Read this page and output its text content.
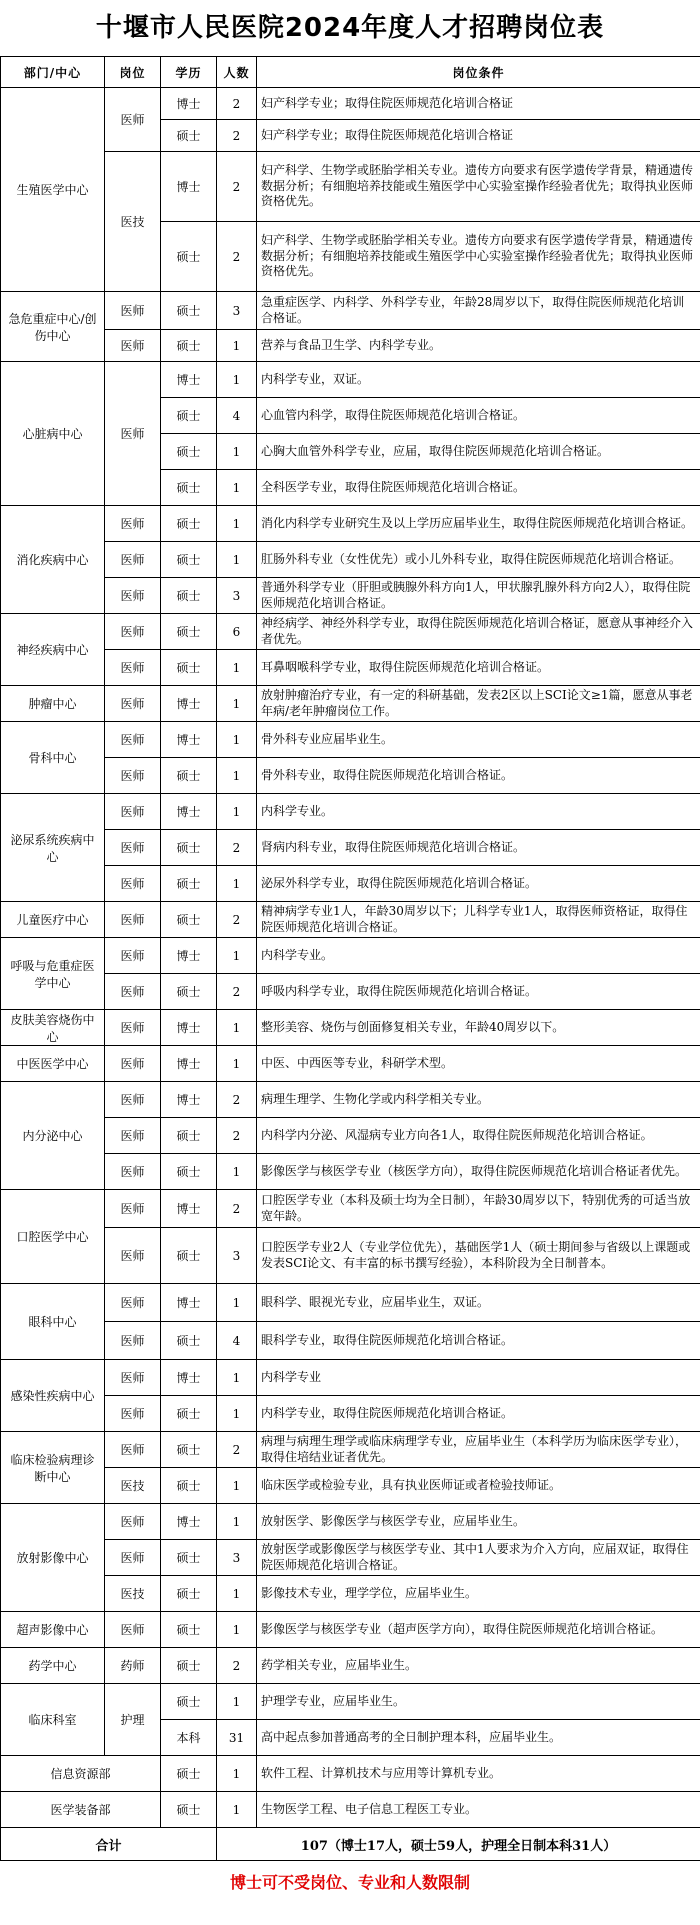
十堰市人民医院2024年度人才招聘岗位表
部门/中心	岗位	学历	人数	岗位条件
生殖医学中心	医师	博士	2	妇产科学专业；取得住院医师规范化培训合格证
		硕士	2	妇产科学专业；取得住院医师规范化培训合格证
	医技	博士	2	妇产科学、生物学或胚胎学相关专业。遗传方向要求有医学遗传学背景，精通遗传数据分析；有细胞培养技能或生殖医学中心实验室操作经验者优先；取得执业医师资格优先。
		硕士	2	妇产科学、生物学或胚胎学相关专业。遗传方向要求有医学遗传学背景，精通遗传数据分析；有细胞培养技能或生殖医学中心实验室操作经验者优先；取得执业医师资格优先。
急危重症中心/创伤中心	医师	硕士	3	急重症医学、内科学、外科学专业，年龄28周岁以下，取得住院医师规范化培训合格证。
	医师	硕士	1	营养与食品卫生学、内科学专业。
心脏病中心	医师	博士	1	内科学专业，双证。
		硕士	4	心血管内科学，取得住院医师规范化培训合格证。
		硕士	1	心胸大血管外科学专业，应届，取得住院医师规范化培训合格证。
		硕士	1	全科医学专业，取得住院医师规范化培训合格证。
消化疾病中心	医师	硕士	1	消化内科学专业研究生及以上学历应届毕业生，取得住院医师规范化培训合格证。
	医师	硕士	1	肛肠外科专业（女性优先）或小儿外科专业，取得住院医师规范化培训合格证。
	医师	硕士	3	普通外科学专业（肝胆或胰腺外科方向1人，甲状腺乳腺外科方向2人），取得住院医师规范化培训合格证。
神经疾病中心	医师	硕士	6	神经病学、神经外科学专业，取得住院医师规范化培训合格证，愿意从事神经介入者优先。
	医师	硕士	1	耳鼻咽喉科学专业，取得住院医师规范化培训合格证。
肿瘤中心	医师	博士	1	放射肿瘤治疗专业，有一定的科研基础，发表2区以上SCI论文≥1篇，愿意从事老年病/老年肿瘤岗位工作。
骨科中心	医师	博士	1	骨外科专业应届毕业生。
	医师	硕士	1	骨外科专业，取得住院医师规范化培训合格证。
泌尿系统疾病中心	医师	博士	1	内科学专业。
	医师	硕士	2	肾病内科专业，取得住院医师规范化培训合格证。
	医师	硕士	1	泌尿外科学专业，取得住院医师规范化培训合格证。
儿童医疗中心	医师	硕士	2	精神病学专业1人，年龄30周岁以下；儿科学专业1人，取得医师资格证，取得住院医师规范化培训合格证。
呼吸与危重症医学中心	医师	博士	1	内科学专业。
	医师	硕士	2	呼吸内科学专业，取得住院医师规范化培训合格证。
皮肤美容烧伤中心	医师	博士	1	整形美容、烧伤与创面修复相关专业，年龄40周岁以下。
中医医学中心	医师	博士	1	中医、中西医等专业，科研学术型。
内分泌中心	医师	博士	2	病理生理学、生物化学或内科学相关专业。
	医师	硕士	2	内科学内分泌、风湿病专业方向各1人，取得住院医师规范化培训合格证。
	医师	硕士	1	影像医学与核医学专业（核医学方向），取得住院医师规范化培训合格证者优先。
口腔医学中心	医师	博士	2	口腔医学专业（本科及硕士均为全日制），年龄30周岁以下，特别优秀的可适当放宽年龄。
	医师	硕士	3	口腔医学专业2人（专业学位优先），基础医学1人（硕士期间参与省级以上课题或发表SCI论文、有丰富的标书撰写经验），本科阶段为全日制普本。
眼科中心	医师	博士	1	眼科学、眼视光专业，应届毕业生，双证。
	医师	硕士	4	眼科学专业，取得住院医师规范化培训合格证。
感染性疾病中心	医师	博士	1	内科学专业
	医师	硕士	1	内科学专业，取得住院医师规范化培训合格证。
临床检验病理诊断中心	医师	硕士	2	病理与病理生理学或临床病理学专业，应届毕业生（本科学历为临床医学专业），取得住培结业证者优先。
	医技	硕士	1	临床医学或检验专业，具有执业医师证或者检验技师证。
放射影像中心	医师	博士	1	放射医学、影像医学与核医学专业，应届毕业生。
	医师	硕士	3	放射医学或影像医学与核医学专业、其中1人要求为介入方向，应届双证，取得住院医师规范化培训合格证。
	医技	硕士	1	影像技术专业，理学学位，应届毕业生。
超声影像中心	医师	硕士	1	影像医学与核医学专业（超声医学方向），取得住院医师规范化培训合格证。
药学中心	药师	硕士	2	药学相关专业，应届毕业生。
临床科室	护理	硕士	1	护理学专业，应届毕业生。
		本科	31	高中起点参加普通高考的全日制护理本科，应届毕业生。
信息资源部		硕士	1	软件工程、计算机技术与应用等计算机专业。
医学装备部		硕士	1	生物医学工程、电子信息工程医工专业。
合计			107（博士17人，硕士59人，护理全日制本科31人）	
博士可不受岗位、专业和人数限制
